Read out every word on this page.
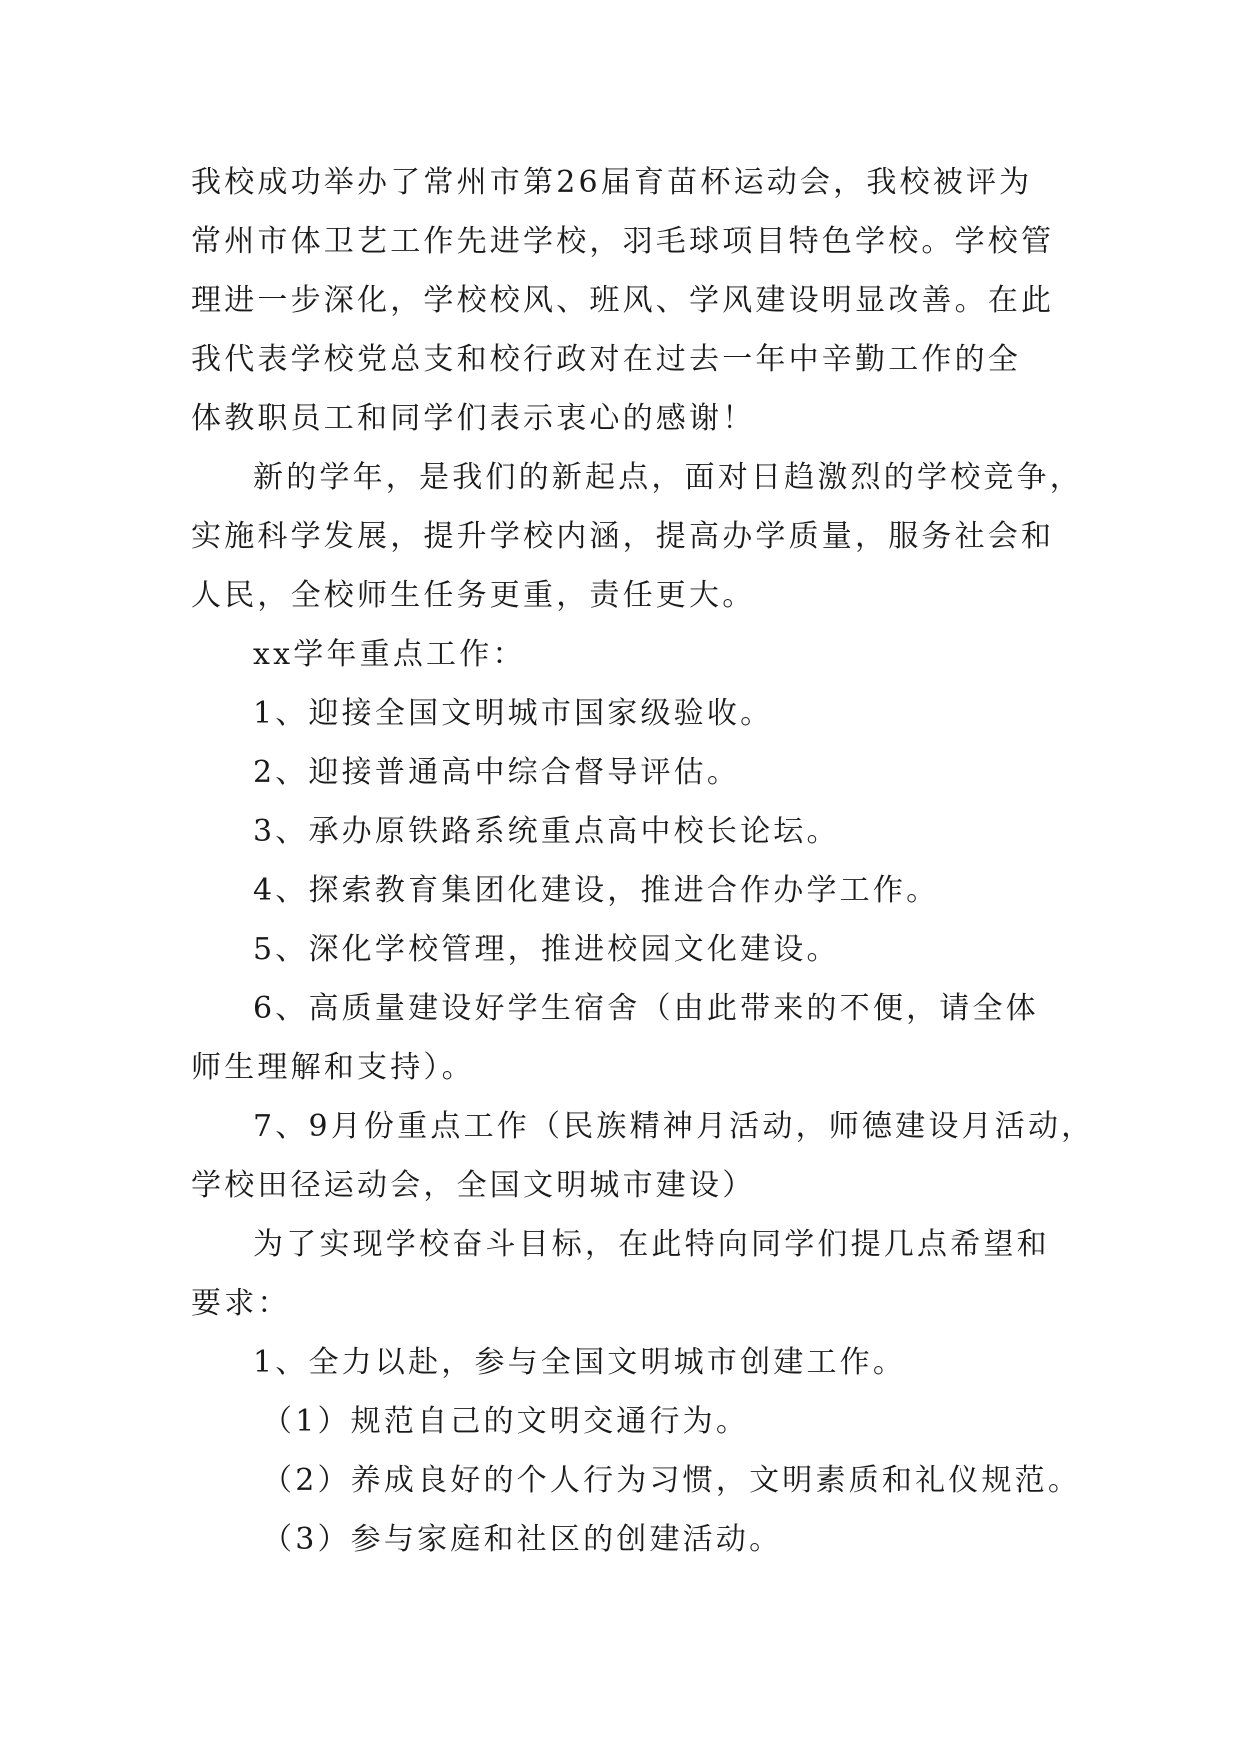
我校成功举办了常州市第26届育苗杯运动会，我校被评为
常州市体卫艺工作先进学校，羽毛球项目特色学校。学校管
理进一步深化，学校校风、班风、学风建设明显改善。在此
我代表学校党总支和校行政对在过去一年中辛勤工作的全
体教职员工和同学们表示衷心的感谢！
新的学年，是我们的新起点，面对日趋激烈的学校竞争，
实施科学发展，提升学校内涵，提高办学质量，服务社会和
人民，全校师生任务更重，责任更大。
xx学年重点工作：
1、迎接全国文明城市国家级验收。
2、迎接普通高中综合督导评估。
3、承办原铁路系统重点高中校长论坛。
4、探索教育集团化建设，推进合作办学工作。
5、深化学校管理，推进校园文化建设。
6、高质量建设好学生宿舍（由此带来的不便，请全体
师生理解和支持）。
7、9月份重点工作（民族精神月活动，师德建设月活动，
学校田径运动会，全国文明城市建设）
为了实现学校奋斗目标，在此特向同学们提几点希望和
要求：
1、全力以赴，参与全国文明城市创建工作。
（1）规范自己的文明交通行为。
（2）养成良好的个人行为习惯，文明素质和礼仪规范。
（3）参与家庭和社区的创建活动。
